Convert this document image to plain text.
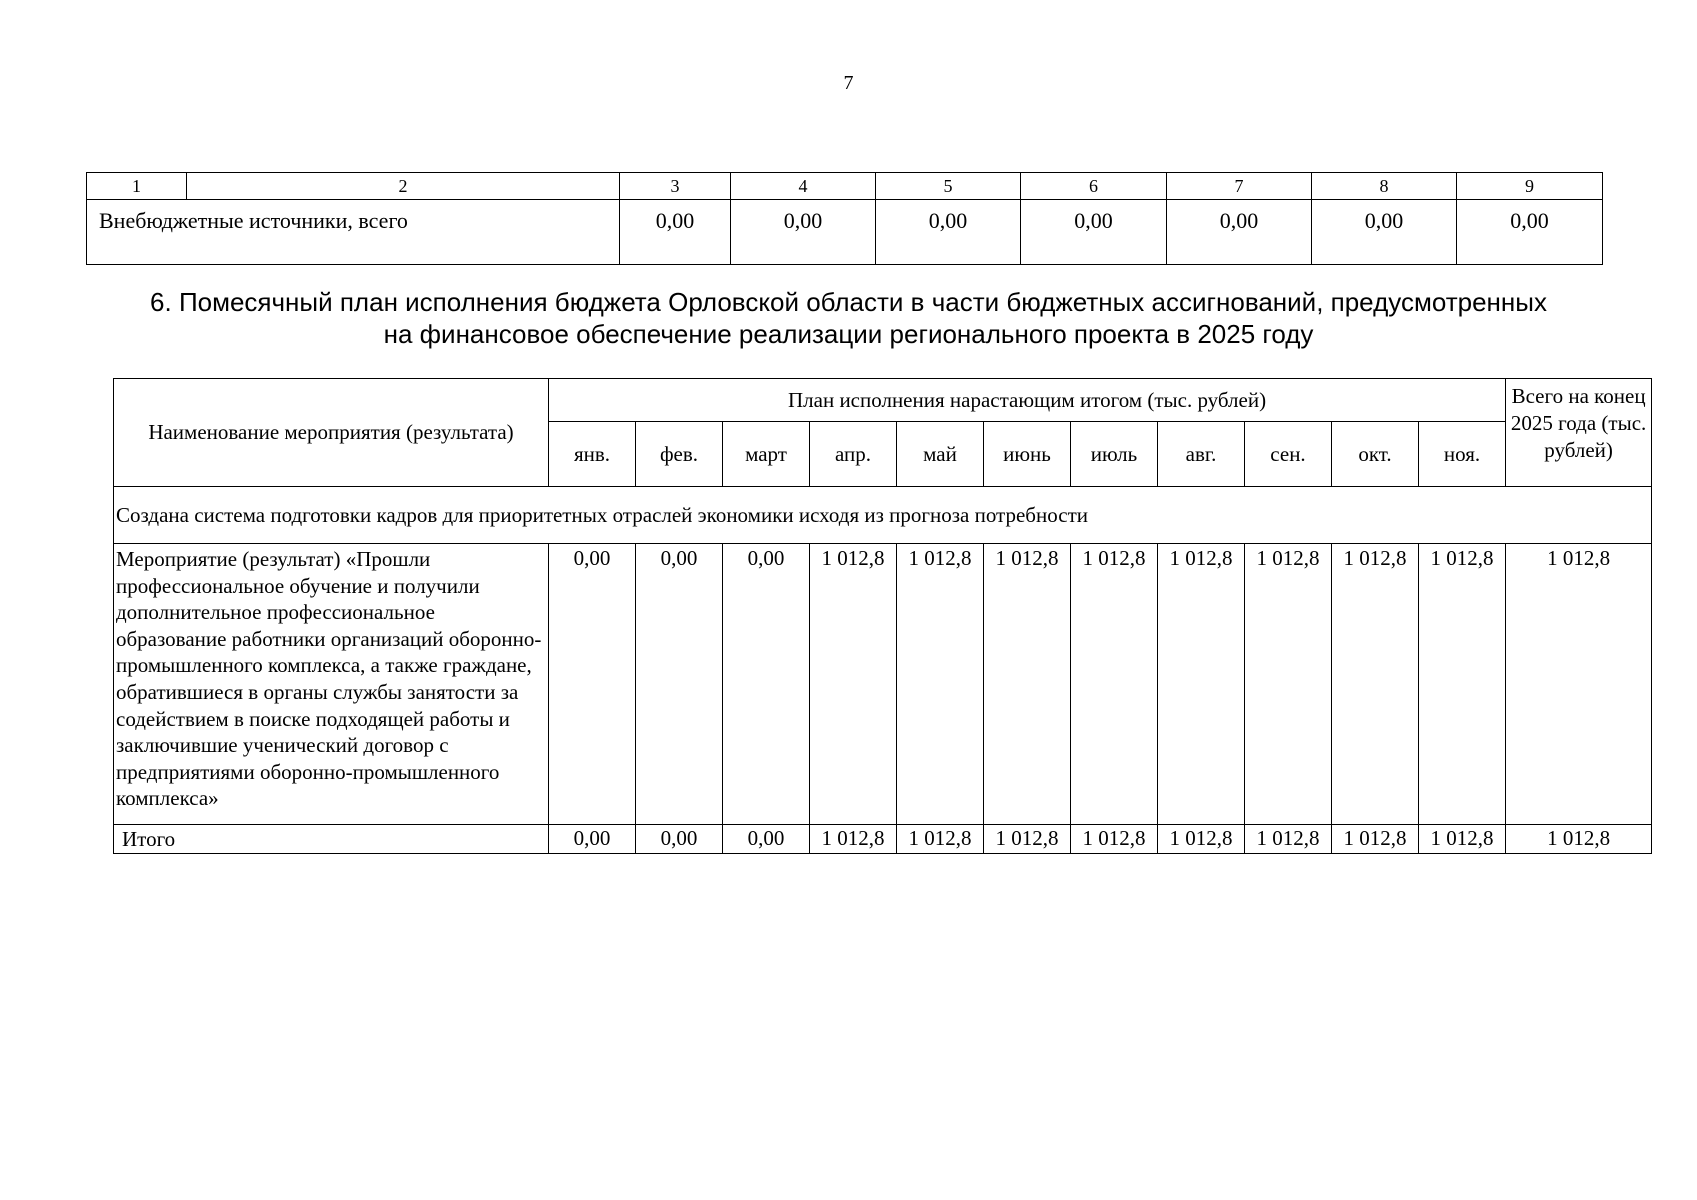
7
1	2	3	4	5	6	7	8	9
Внебюджетные источники, всего		0,00	0,00	0,00	0,00	0,00	0,00	0,00
6. Помесячный план исполнения бюджета Орловской области в части бюджетных ассигнований, предусмотренных
на финансовое обеспечение реализации регионального проекта в 2025 году
Наименование мероприятия (результата)	План исполнения нарастающим итогом (тыс. рублей)											Всего на конец 2025 года (тыс. рублей)
	янв.	фев.	март	апр.	май	июнь	июль	авг.	сен.	окт.	ноя.	
Создана система подготовки кадров для приоритетных отраслей экономики исходя из прогноза потребности												
Мероприятие (результат) «Прошли профессиональное обучение и получили дополнительное профессиональное образование работники организаций оборонно-промышленного комплекса, а также граждане, обратившиеся в органы службы занятости за содействием в поиске подходящей работы и заключившие ученический договор с предприятиями оборонно-промышленного комплекса»	0,00	0,00	0,00	1 012,8	1 012,8	1 012,8	1 012,8	1 012,8	1 012,8	1 012,8	1 012,8	1 012,8
Итого	0,00	0,00	0,00	1 012,8	1 012,8	1 012,8	1 012,8	1 012,8	1 012,8	1 012,8	1 012,8	1 012,8
